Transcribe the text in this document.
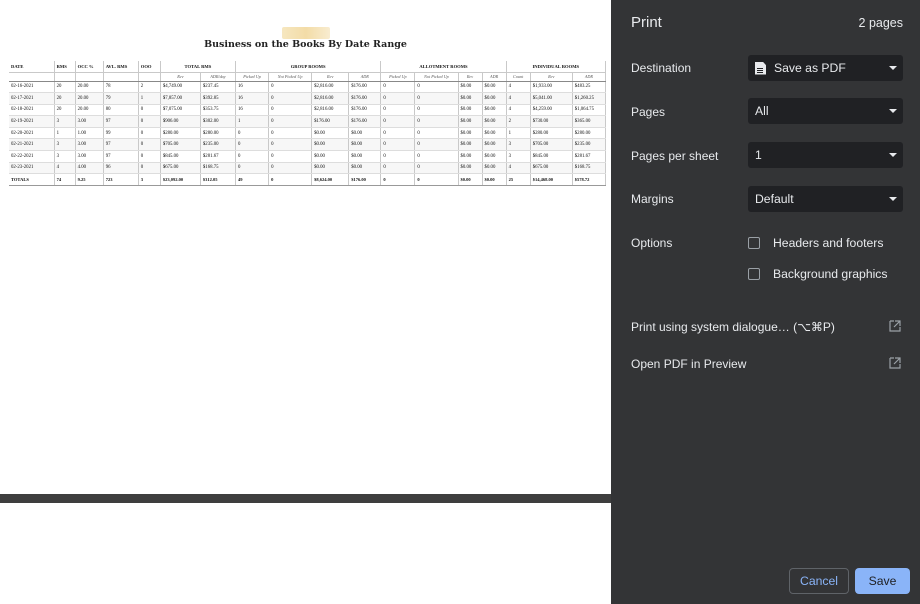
Business on the Books By Date Range
DATE	RMS	OCC %	AVL. RMS	OOO	TOTAL RMS		GROUP ROOMS				ALLOTMENT ROOMS				INDIVIDUAL ROOMS		
					Rev	ADR/day	Picked Up	Not Picked Up	Rev	ADR	Picked Up	Not Picked Up	Rev	ADR	Count	Rev	ADR
02-16-2021	20	20.00	78	2	$4,749.00	$237.45	16	0	$2,816.00	$176.00	0	0	$0.00	$0.00	4	$1,933.00	$483.25
02-17-2021	20	20.00	79	1	$7,857.00	$392.85	16	0	$2,816.00	$176.00	0	0	$0.00	$0.00	4	$5,041.00	$1,260.25
02-18-2021	20	20.00	80	0	$7,075.00	$353.75	16	0	$2,816.00	$176.00	0	0	$0.00	$0.00	4	$4,259.00	$1,064.75
02-19-2021	3	3.00	97	0	$906.00	$302.00	1	0	$176.00	$176.00	0	0	$0.00	$0.00	2	$730.00	$365.00
02-20-2021	1	1.00	99	0	$280.00	$280.00	0	0	$0.00	$0.00	0	0	$0.00	$0.00	1	$280.00	$280.00
02-21-2021	3	3.00	97	0	$705.00	$235.00	0	0	$0.00	$0.00	0	0	$0.00	$0.00	3	$705.00	$235.00
02-22-2021	3	3.00	97	0	$845.00	$281.67	0	0	$0.00	$0.00	0	0	$0.00	$0.00	3	$845.00	$281.67
02-23-2021	4	4.00	96	0	$675.00	$168.75	0	0	$0.00	$0.00	0	0	$0.00	$0.00	4	$675.00	$168.75
TOTALS	74	9.25	723	3	$23,092.00	$312.05	49	0	$8,624.00	$176.00	0	0	$0.00	$0.00	25	$14,468.00	$578.72
Print	2 pages
Destination	Save as PDF
Pages	All
Pages per sheet	1
Margins	Default
Options	Headers and footers
Background graphics
Print using system dialogue… (⌥⌘P)
Open PDF in Preview
Cancel	Save
